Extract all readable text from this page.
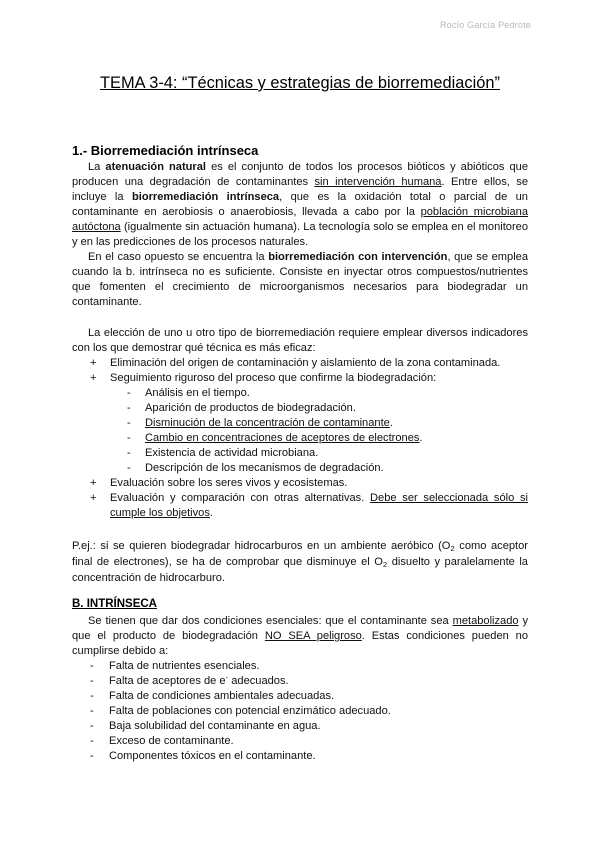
Rocío García Pedrote
TEMA 3-4: “Técnicas y estrategias de biorremediación”
1.- Biorremediación intrínseca

La atenuación natural es el conjunto de todos los procesos bióticos y abióticos que producen una degradación de contaminantes sin intervención humana. Entre ellos, se incluye la biorremediación intrínseca, que es la oxidación total o parcial de un contaminante en aerobiosis o anaerobiosis, llevada a cabo por la población microbiana autóctona (igualmente sin actuación humana). La tecnología solo se emplea en el monitoreo y en las predicciones de los procesos naturales.

En el caso opuesto se encuentra la biorremediación con intervención, que se emplea cuando la b. intrínseca no es suficiente. Consiste en inyectar otros compuestos/nutrientes que fomenten el crecimiento de microorganismos necesarios para biodegradar un contaminante.

La elección de uno u otro tipo de biorremediación requiere emplear diversos indicadores con los que demostrar qué técnica es más eficaz:

+ Eliminación del origen de contaminación y aislamiento de la zona contaminada.
+ Seguimiento riguroso del proceso que confirme la biodegradación:
- Análisis en el tiempo.
- Aparición de productos de biodegradación.
- Disminución de la concentración de contaminante.
- Cambio en concentraciones de aceptores de electrones.
- Existencia de actividad microbiana.
- Descripción de los mecanismos de degradación.
+ Evaluación sobre los seres vivos y ecosistemas.
+ Evaluación y comparación con otras alternativas. Debe ser seleccionada sólo si cumple los objetivos.

P.ej.: si se quieren biodegradar hidrocarburos en un ambiente aeróbico ($O_2$ como aceptor final de electrones), se ha de comprobar que disminuye el $O_2$ disuelto y paralelamente la concentración de hidrocarburo.

B. INTRÍNSECA

Se tienen que dar dos condiciones esenciales: que el contaminante sea metabolizado y que el producto de biodegradación NO SEA peligroso. Estas condiciones pueden no cumplirse debido a:

- Falta de nutrientes esenciales.
- Falta de aceptores de e- adecuados.
- Falta de condiciones ambientales adecuadas.
- Falta de poblaciones con potencial enzimático adecuado.
- Baja solubilidad del contaminante en agua.
- Exceso de contaminante.
- Componentes tóxicos en el contaminante.
